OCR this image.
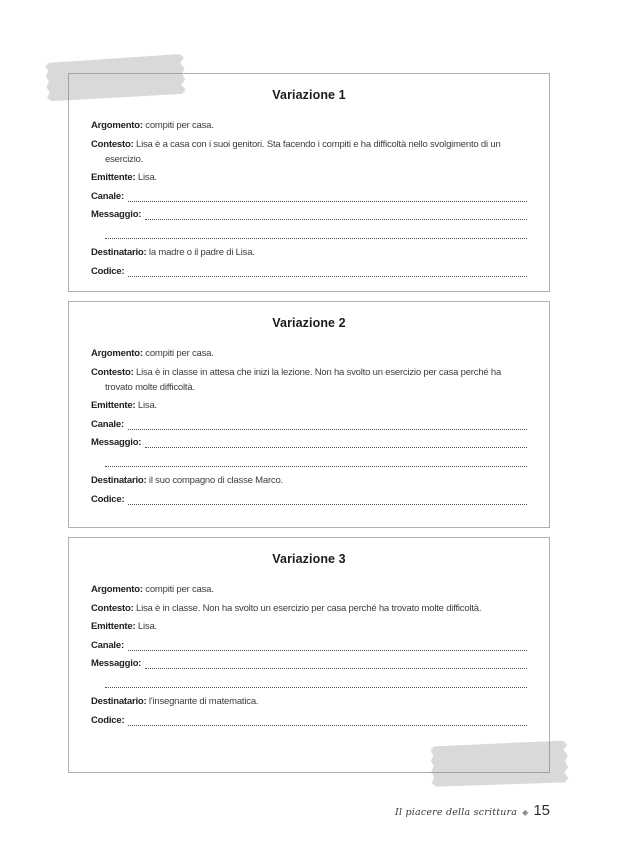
Variazione 1

Argomento: compiti per casa.

Contesto: Lisa è a casa con i suoi genitori. Sta facendo i compiti e ha difficoltà nello svolgimento di un esercizio.

Emittente: Lisa.

Canale:
Messaggio:

Destinatario: la madre o il padre di Lisa.

Codice:
Variazione 2

Argomento: compiti per casa.

Contesto: Lisa è in classe in attesa che inizi la lezione. Non ha svolto un esercizio per casa perché ha trovato molte difficoltà.

Emittente: Lisa.

Canale:
Messaggio:

Destinatario: il suo compagno di classe Marco.

Codice:
Variazione 3

Argomento: compiti per casa.

Contesto: Lisa è in classe. Non ha svolto un esercizio per casa perché ha trovato molte difficoltà.

Emittente: Lisa.

Canale:
Messaggio:

Destinatario: l'insegnante di matematica.

Codice:
Il piacere della scrittura ◆ 15
